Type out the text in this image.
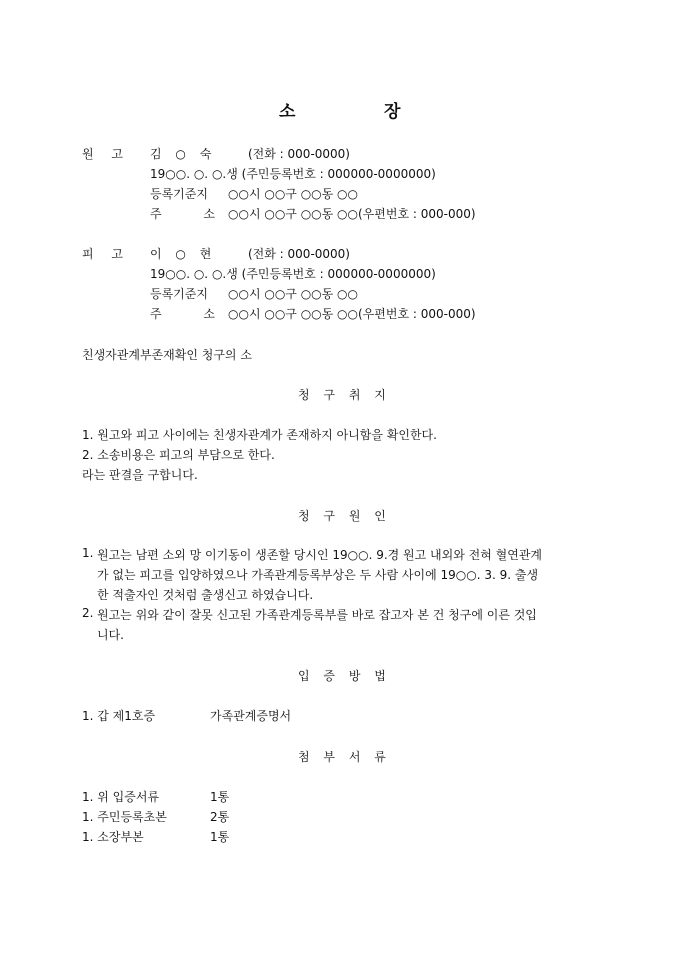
소	장
원 고 김 ○ 숙	(전화 : 000-0000)
19○○. ○. ○.생 (주민등록번호 : 000000-0000000)
등록기준지 ○○시 ○○구 ○○동 ○○
주 소 ○○시 ○○구 ○○동 ○○(우편번호 : 000-000)
피 고 이 ○ 현	(전화 : 000-0000)
19○○. ○. ○.생 (주민등록번호 : 000000-0000000)
등록기준지 ○○시 ○○구 ○○동 ○○
주 소 ○○시 ○○구 ○○동 ○○(우편번호 : 000-000)
친생자관계부존재확인 청구의 소
청 구 취 지
1. 원고와 피고 사이에는 친생자관계가 존재하지 아니함을 확인한다.
2. 소송비용은 피고의 부담으로 한다.
라는 판결을 구합니다.
청 구 원 인
1. 원고는 남편 소외 망 이기동이 생존할 당시인 19○○. 9.경 원고 내외와 전혀 혈연관계
가 없는 피고를 입양하였으나 가족관계등록부상은 두 사람 사이에 19○○. 3. 9. 출생
한 적출자인 것처럼 출생신고 하였습니다.
2. 원고는 위와 같이 잘못 신고된 가족관계등록부를 바로 잡고자 본 건 청구에 이른 것입
니다.
입 증 방 법
1. 갑 제1호증	가족관계증명서
첨 부 서 류
1. 위 입증서류	1통
1. 주민등록초본	2통
1. 소장부본	1통
